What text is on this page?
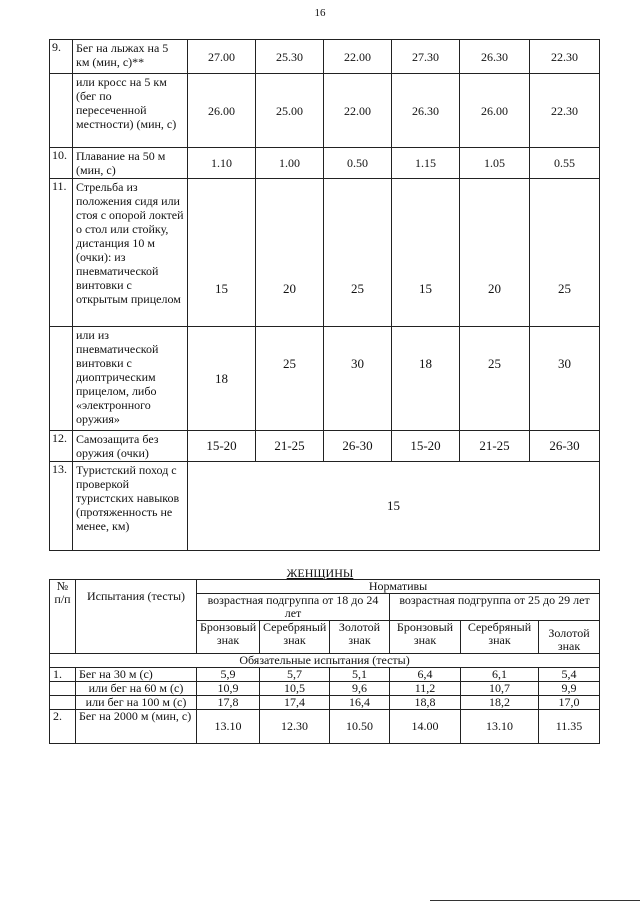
16
9.	Бег на лыжах на 5 км (мин, с)**	27.00	25.30	22.00	27.30	26.30	22.30
	или кросс на 5 км (бег по пересеченной местности) (мин, с)	26.00	25.00	22.00	26.30	26.00	22.30
10.	Плавание на 50 м (мин, с)	1.10	1.00	0.50	1.15	1.05	0.55
11.	Стрельба из положения сидя или стоя с опорой локтей о стол или стойку, дистанция 10 м (очки): из пневматической винтовки с открытым прицелом	15	20	25	15	20	25
	или из пневматической винтовки с диоптрическим прицелом, либо «электронного оружия»	18	25	30	18	25	30
12.	Самозащита без оружия (очки)	15-20	21-25	26-30	15-20	21-25	26-30
13.	Туристский поход с проверкой туристских навыков (протяженность не менее, км)	15					
ЖЕНЩИНЫ
№ п/п	Испытания (тесты)	Нормативы					
		возрастная подгруппа от 18 до 24 лет			возрастная подгруппа от 25 до 29 лет		
		Бронзовый знак	Серебряный знак	Золотой знак	Бронзовый знак	Серебряный знак	Золотой знак
Обязательные испытания (тесты)							
1.	Бег на 30 м (с)	5,9	5,7	5,1	6,4	6,1	5,4
	или бег на 60 м (с)	10,9	10,5	9,6	11,2	10,7	9,9
	или бег на 100 м (с)	17,8	17,4	16,4	18,8	18,2	17,0
2.	Бег на 2000 м (мин, с)	13.10	12.30	10.50	14.00	13.10	11.35
